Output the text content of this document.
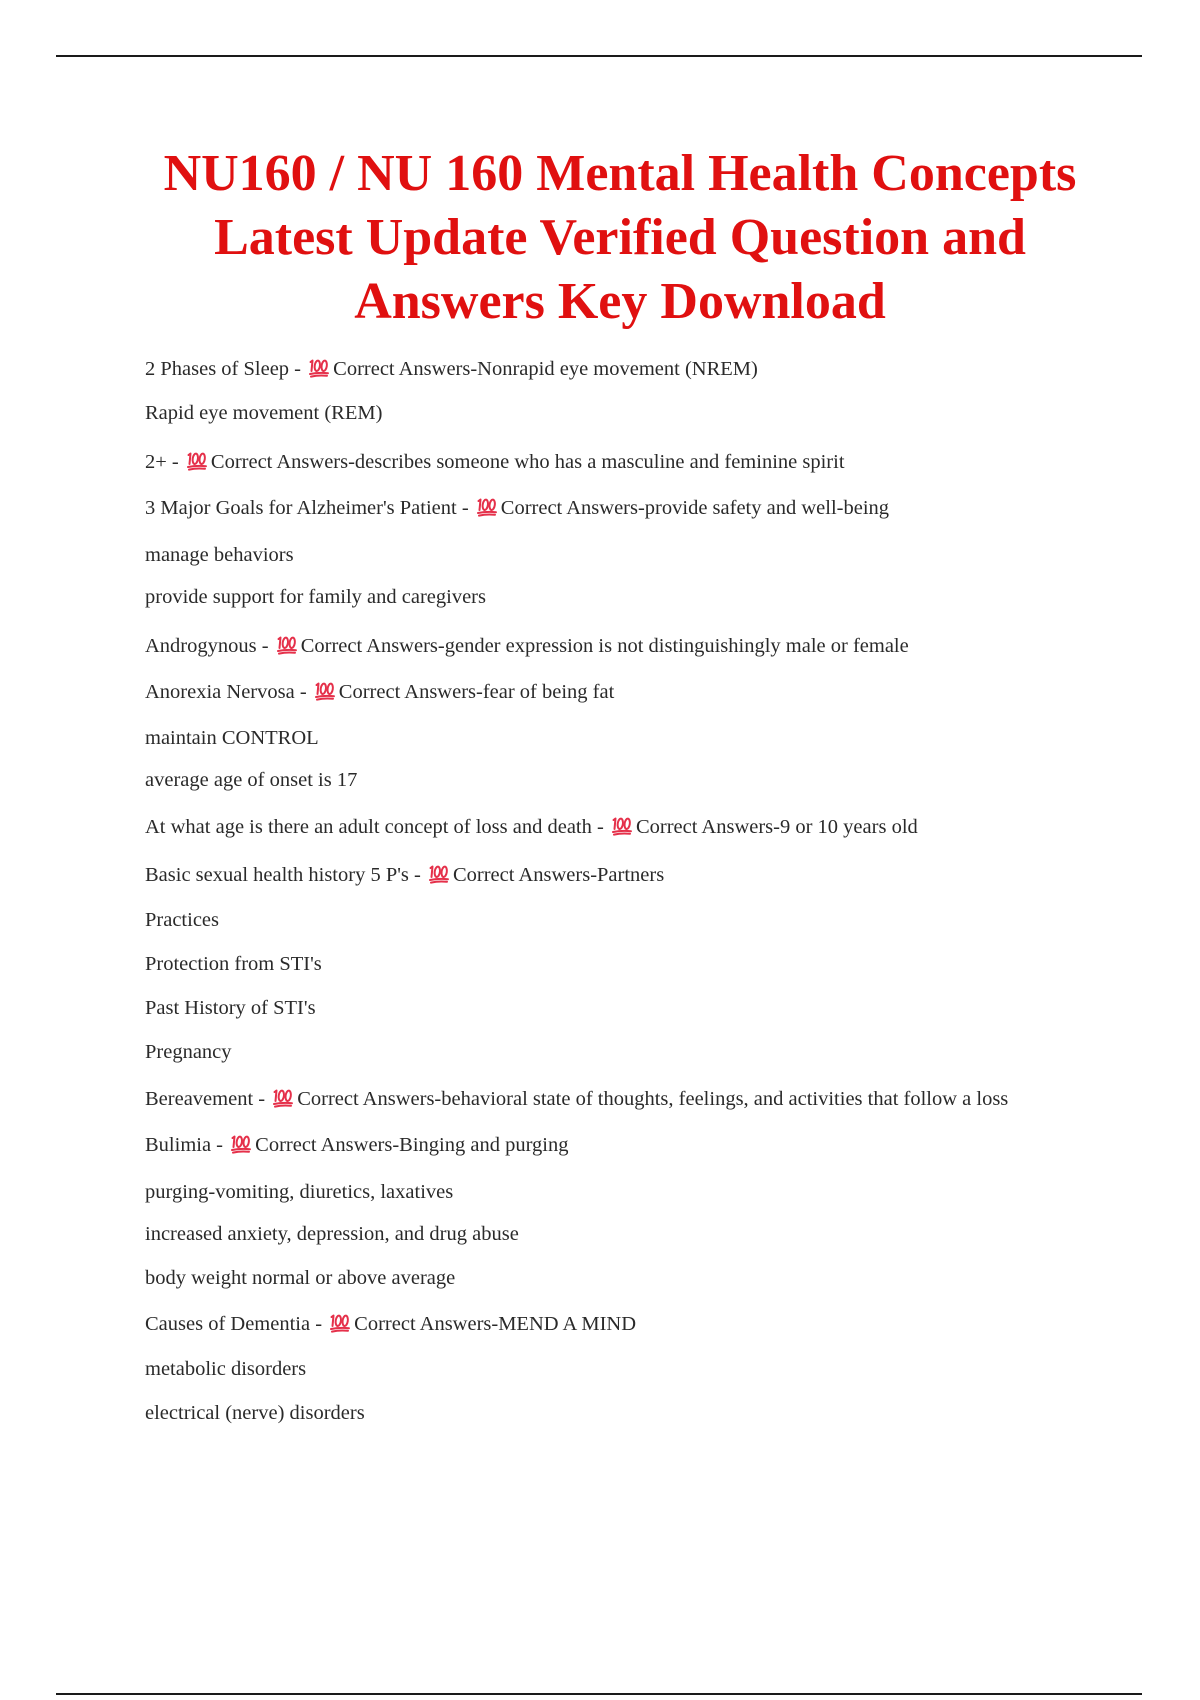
NU160 / NU 160 Mental Health Concepts
Latest Update Verified Question and
Answers Key Download
2 Phases of Sleep -
Correct Answers-Nonrapid eye movement (NREM)
Rapid eye movement (REM)
2+ -
Correct Answers-describes someone who has a masculine and feminine spirit
3 Major Goals for Alzheimer's Patient -
Correct Answers-provide safety and well-being
manage behaviors
provide support for family and caregivers
Androgynous -
Correct Answers-gender expression is not distinguishingly male or female
Anorexia Nervosa -
Correct Answers-fear of being fat
maintain CONTROL
average age of onset is 17
At what age is there an adult concept of loss and death -
Correct Answers-9 or 10 years old
Basic sexual health history 5 P's -
Correct Answers-Partners
Practices
Protection from STI's
Past History of STI's
Pregnancy
Bereavement -
Correct Answers-behavioral state of thoughts, feelings, and activities that follow a loss
Bulimia -
Correct Answers-Binging and purging
purging-vomiting, diuretics, laxatives
increased anxiety, depression, and drug abuse
body weight normal or above average
Causes of Dementia -
Correct Answers-MEND A MIND
metabolic disorders
electrical (nerve) disorders
